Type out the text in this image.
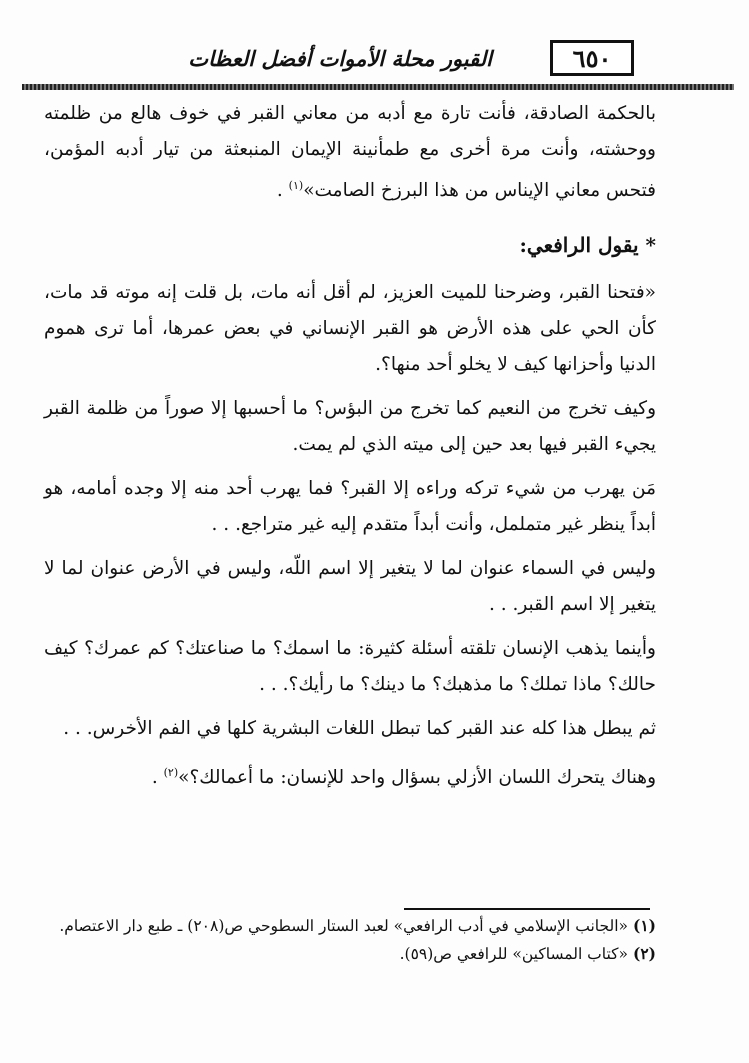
٦٥٠
القبور محلة الأموات أفضل العظات

بالحكمة الصادقة، فأنت تارة مع أدبه من معاني القبر في خوف هالع من ظلمته ووحشته، وأنت مرة أخرى مع طمأنينة الإيمان المنبعثة من تيار أدبه المؤمن، فتحس معاني الإيناس من هذا البرزخ الصامت»$^{(١)}$ .

* يقول الرافعي:

«فتحنا القبر، وضرحنا للميت العزيز، لم أقل أنه مات، بل قلت إنه موته قد مات، كأن الحي على هذه الأرض هو القبر الإنساني في بعض عمرها، أما ترى هموم الدنيا وأحزانها كيف لا يخلو أحد منها؟.

وكيف تخرج من النعيم كما تخرج من البؤس؟ ما أحسبها إلا صوراً من ظلمة القبر يجيء القبر فيها بعد حين إلى ميته الذي لم يمت.

مَن يهرب من شيء تركه وراءه إلا القبر؟ فما يهرب أحد منه إلا وجده أمامه، هو أبداً ينظر غير متململ، وأنت أبداً متقدم إليه غير متراجع. . .

وليس في السماء عنوان لما لا يتغير إلا اسم اللّه، وليس في الأرض عنوان لما لا يتغير إلا اسم القبر. . .

وأينما يذهب الإنسان تلقته أسئلة كثيرة: ما اسمك؟ ما صناعتك؟ كم عمرك؟ كيف حالك؟ ماذا تملك؟ ما مذهبك؟ ما دينك؟ ما رأيك؟. . .

ثم يبطل هذا كله عند القبر كما تبطل اللغات البشرية كلها في الفم الأخرس. . .

وهناك يتحرك اللسان الأزلي بسؤال واحد للإنسان: ما أعمالك؟»$^{(٢)}$ .

(١) «الجانب الإسلامي في أدب الرافعي» لعبد الستار السطوحي ص(٢٠٨) ـ طبع دار الاعتصام.

(٢) «كتاب المساكين» للرافعي ص(٥٩).
